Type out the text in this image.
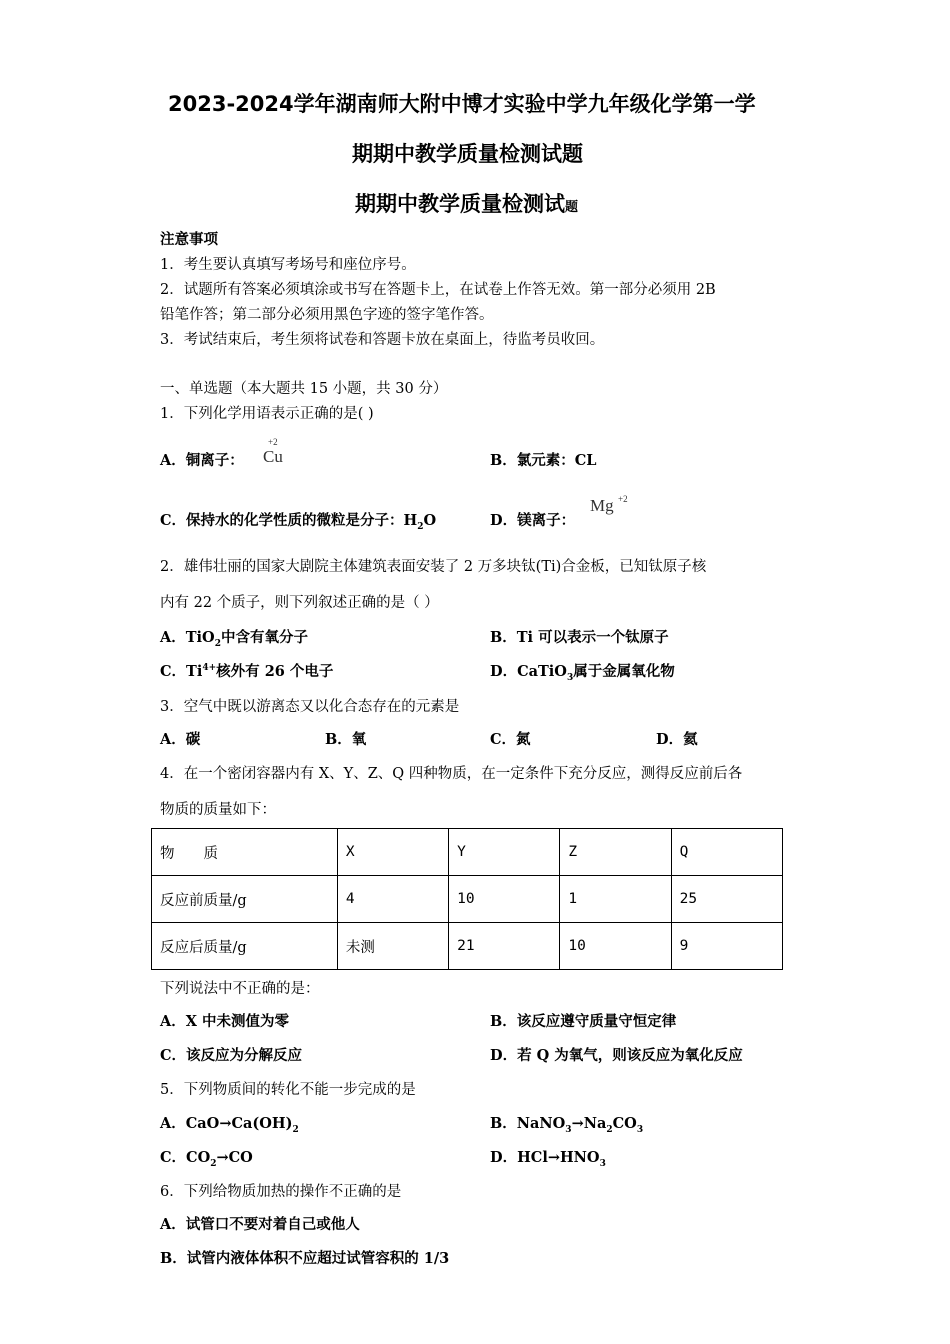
2023-2024学年湖南师大附中博才实验中学九年级化学第一学
期期中教学质量检测试题
期期中教学质量检测试题
注意事项
1．考生要认真填写考场号和座位序号。
2．试题所有答案必须填涂或书写在答题卡上，在试卷上作答无效。第一部分必须用 2B
铅笔作答；第二部分必须用黑色字迹的签字笔作答。
3．考试结束后，考生须将试卷和答题卡放在桌面上，待监考员收回。
一、单选题（本大题共 15 小题，共 30 分）
1．下列化学用语表示正确的是( )
A．铜离子：
+2
Cu	B．氯元素：CL
C．保持水的化学性质的微粒是分子：$H_2O$	D．镁离子：
Mg +2
2．雄伟壮丽的国家大剧院主体建筑表面安装了 2 万多块钛(Ti)合金板，已知钛原子核
内有 22 个质子，则下列叙述正确的是（ ）
A．TiO$_2$中含有氧分子	B．Ti 可以表示一个钛原子
C．$Ti^{4+}$核外有 26 个电子	D．CaTiO$_3$属于金属氧化物
3．空气中既以游离态又以化合态存在的元素是
A．碳	B．氧	C．氮	D．氦
4．在一个密闭容器内有 X、Y、Z、Q 四种物质，在一定条件下充分反应，测得反应前后各
物质的质量如下：
物　　质	X	Y	Z	Q
反应前质量/g	4	10	1	25
反应后质量/g	未测	21	10	9
下列说法中不正确的是：
A．X 中未测值为零	B．该反应遵守质量守恒定律
C．该反应为分解反应	D．若 Q 为氧气，则该反应为氧化反应
5．下列物质间的转化不能一步完成的是
A．$CaO\to Ca(OH)_2$	B．$NaNO_3\to Na_2CO_3$
C．$CO_2\to CO$	D．$HCl\to HNO_3$
6．下列给物质加热的操作不正确的是
A．试管口不要对着自己或他人
B．试管内液体体积不应超过试管容积的 1/3
